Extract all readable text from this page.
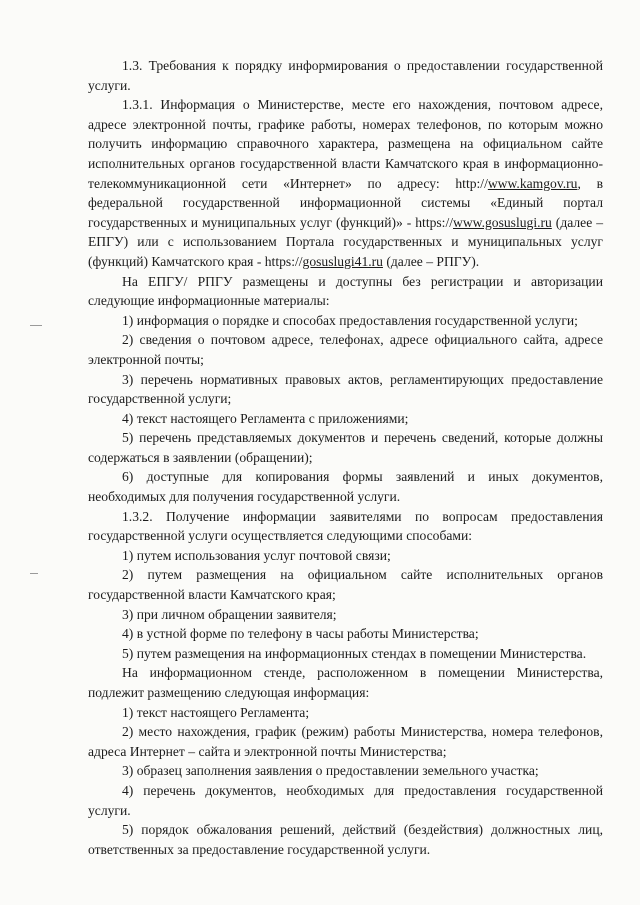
1.3. Требования к порядку информирования о предоставлении государственной услуги.

1.3.1. Информация о Министерстве, месте его нахождения, почтовом адресе, адресе электронной почты, графике работы, номерах телефонов, по которым можно получить информацию справочного характера, размещена на официальном сайте исполнительных органов государственной власти Камчатского края в информационно-телекоммуникационной сети «Интернет» по адресу: http://www.kamgov.ru, в федеральной государственной информационной системы «Единый портал государственных и муниципальных услуг (функций)» - https://www.gosuslugi.ru (далее – ЕПГУ) или с использованием Портала государственных и муниципальных услуг (функций) Камчатского края - https://gosuslugi41.ru (далее – РПГУ).

На ЕПГУ/ РПГУ размещены и доступны без регистрации и авторизации следующие информационные материалы:

1) информация о порядке и способах предоставления государственной услуги;

2) сведения о почтовом адресе, телефонах, адресе официального сайта, адресе электронной почты;

3) перечень нормативных правовых актов, регламентирующих предоставление государственной услуги;

4) текст настоящего Регламента с приложениями;

5) перечень представляемых документов и перечень сведений, которые должны содержаться в заявлении (обращении);

6) доступные для копирования формы заявлений и иных документов, необходимых для получения государственной услуги.

1.3.2. Получение информации заявителями по вопросам предоставления государственной услуги осуществляется следующими способами:

1) путем использования услуг почтовой связи;

2) путем размещения на официальном сайте исполнительных органов государственной власти Камчатского края;

3) при личном обращении заявителя;

4) в устной форме по телефону в часы работы Министерства;

5) путем размещения на информационных стендах в помещении Министерства.

На информационном стенде, расположенном в помещении Министерства, подлежит размещению следующая информация:

1) текст настоящего Регламента;

2) место нахождения, график (режим) работы Министерства, номера телефонов, адреса Интернет – сайта и электронной почты Министерства;

3) образец заполнения заявления о предоставлении земельного участка;

4) перечень документов, необходимых для предоставления государственной услуги.

5) порядок обжалования решений, действий (бездействия) должностных лиц, ответственных за предоставление государственной услуги.
